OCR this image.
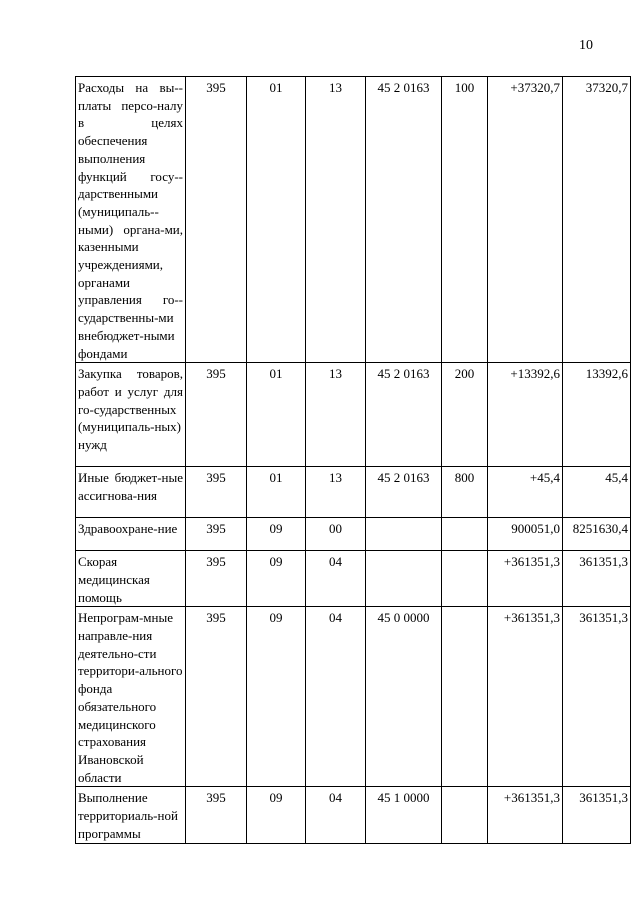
10
Расходы на вы-платы персо-налу в целях обеспечения выполнения функций госу-дарственными (муниципаль-ными) органа-ми, казенными учреждениями, органами управления го-сударственны-ми внебюджет-ными фондами	395	01	13	45 2 0163	100	+37320,7	37320,7
Закупка товаров, работ и услуг для го-сударственных (муниципаль-ных) нужд	395	01	13	45 2 0163	200	+13392,6	13392,6
Иные бюджет-ные ассигнова-ния	395	01	13	45 2 0163	800	+45,4	45,4
Здравоохране-ние	395	09	00			900051,0	8251630,4
Скорая медицинская помощь	395	09	04			+361351,3	361351,3
Непрограм-мные направле-ния деятельно-сти территори-ального фонда обязательного медицинского страхования Ивановской области	395	09	04	45 0 0000		+361351,3	361351,3
Выполнение территориаль-ной программы	395	09	04	45 1 0000		+361351,3	361351,3
